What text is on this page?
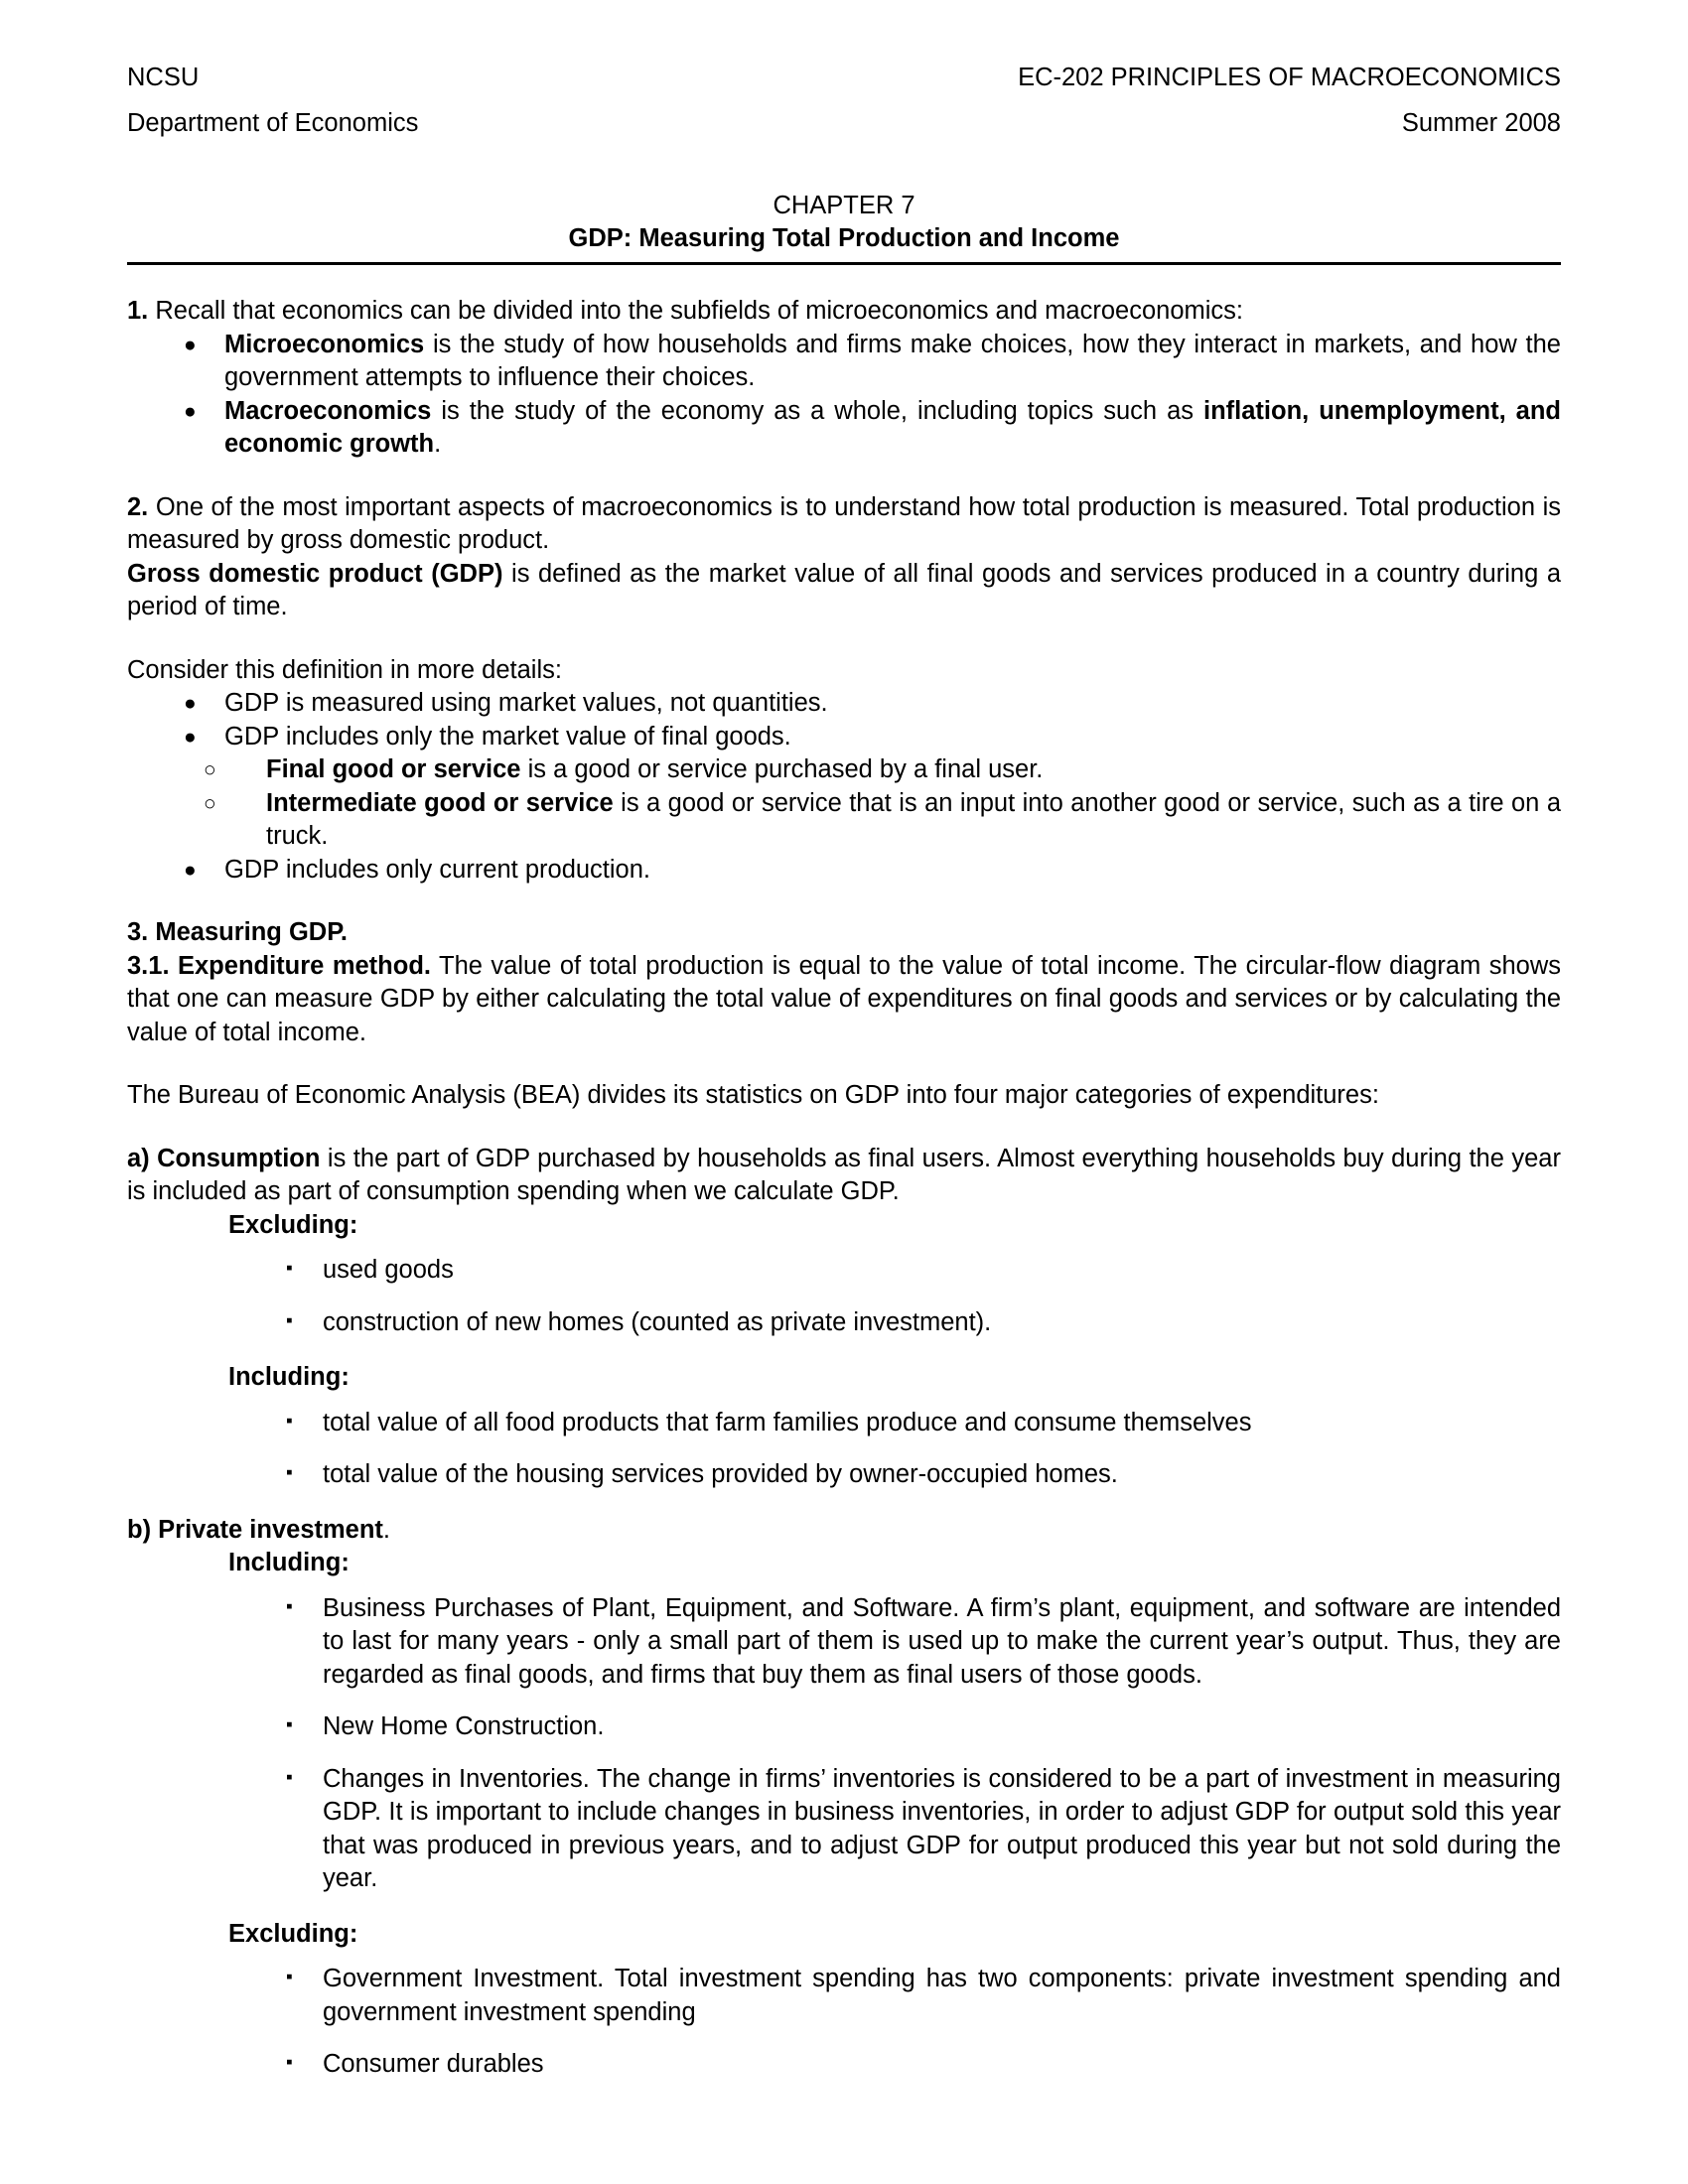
NCSU	EC-202 PRINCIPLES OF MACROECONOMICS
Department of Economics	Summer 2008
CHAPTER 7
GDP: Measuring Total Production and Income

1. Recall that economics can be divided into the subfields of microeconomics and macroeconomics:

● Microeconomics is the study of how households and firms make choices, how they interact in markets, and how the government attempts to influence their choices.
● Macroeconomics is the study of the economy as a whole, including topics such as inflation, unemployment, and economic growth.

2. One of the most important aspects of macroeconomics is to understand how total production is measured. Total production is measured by gross domestic product.

Gross domestic product (GDP) is defined as the market value of all final goods and services produced in a country during a period of time.

Consider this definition in more details:

● GDP is measured using market values, not quantities.
● GDP includes only the market value of final goods.
○ Final good or service is a good or service purchased by a final user.
○ Intermediate good or service is a good or service that is an input into another good or service, such as a tire on a truck.
● GDP includes only current production.

3. Measuring GDP.

3.1. Expenditure method. The value of total production is equal to the value of total income. The circular-flow diagram shows that one can measure GDP by either calculating the total value of expenditures on final goods and services or by calculating the value of total income.

The Bureau of Economic Analysis (BEA) divides its statistics on GDP into four major categories of expenditures:

a) Consumption is the part of GDP purchased by households as final users. Almost everything households buy during the year is included as part of consumption spending when we calculate GDP.

Excluding:
▪ used goods
▪ construction of new homes (counted as private investment).
Including:
▪ total value of all food products that farm families produce and consume themselves
▪ total value of the housing services provided by owner-occupied homes.

b) Private investment.

Including:
▪ Business Purchases of Plant, Equipment, and Software. A firm’s plant, equipment, and software are intended to last for many years - only a small part of them is used up to make the current year’s output. Thus, they are regarded as final goods, and firms that buy them as final users of those goods.
▪ New Home Construction.
▪ Changes in Inventories. The change in firms’ inventories is considered to be a part of investment in measuring GDP. It is important to include changes in business inventories, in order to adjust GDP for output sold this year that was produced in previous years, and to adjust GDP for output produced this year but not sold during the year.
Excluding:
▪ Government Investment. Total investment spending has two components: private investment spending and government investment spending
▪ Consumer durables
